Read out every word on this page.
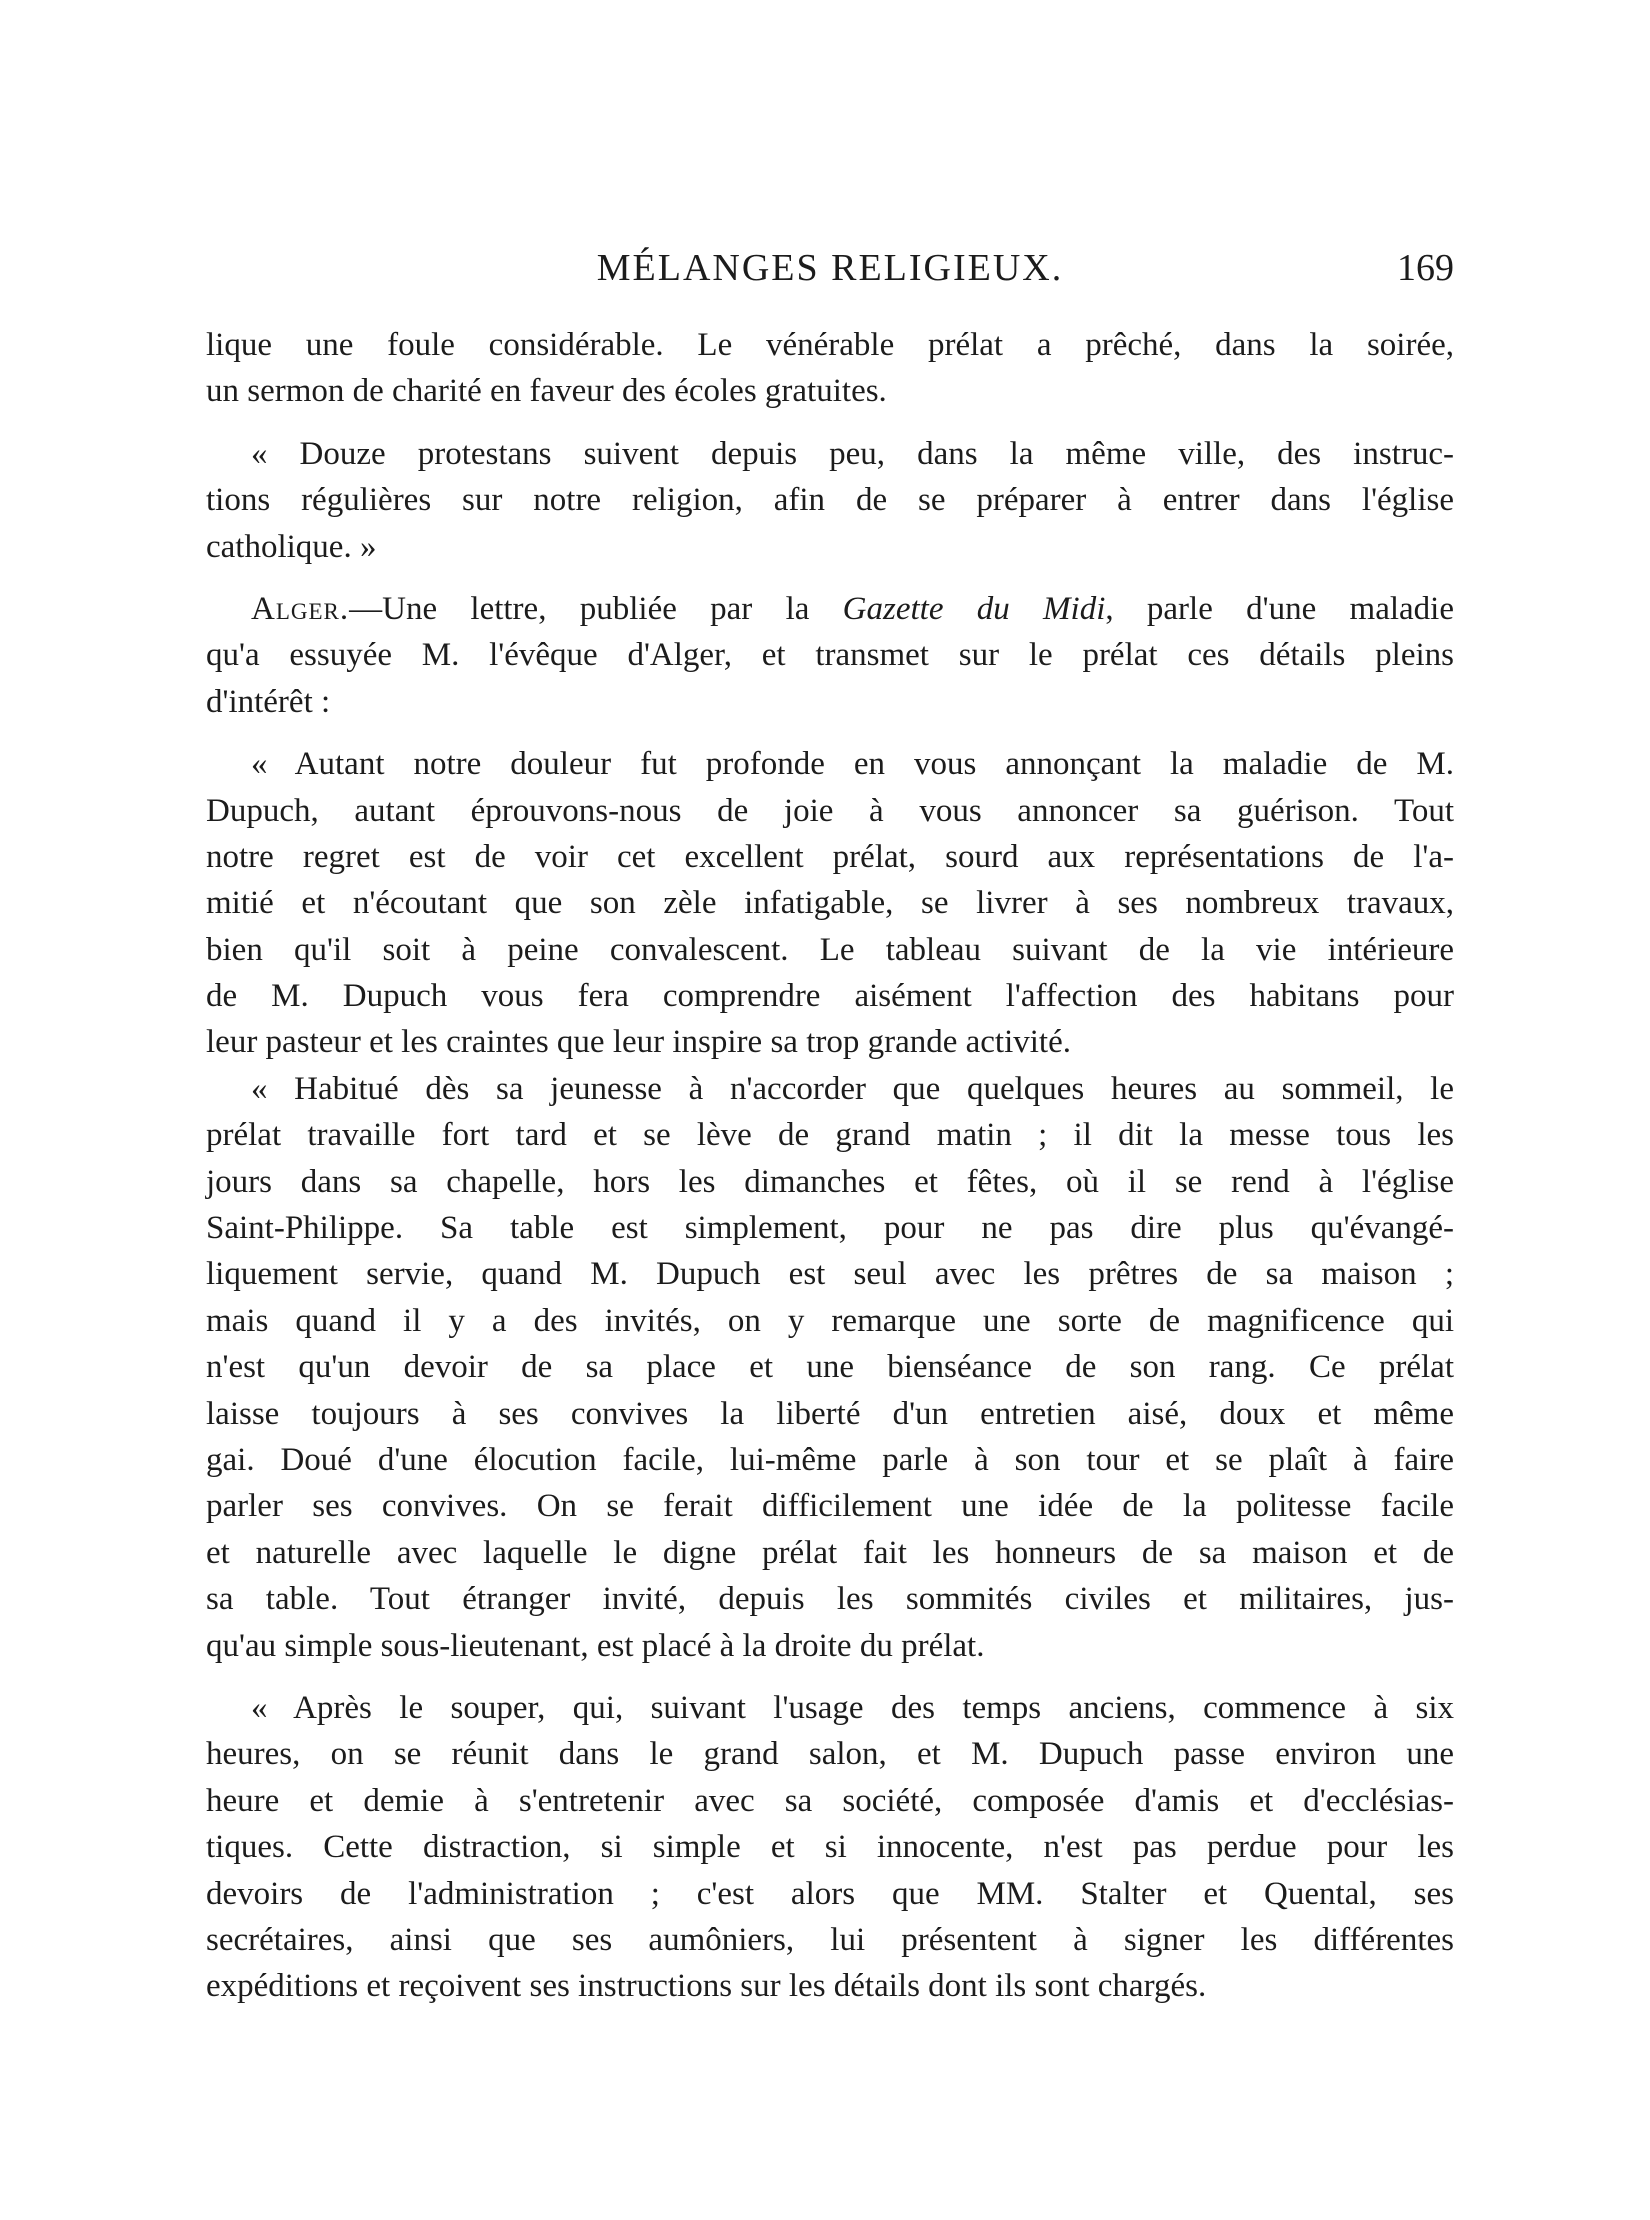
MÉLANGES RELIGIEUX.	169
lique une foule considérable. Le vénérable prélat a prêché, dans la soirée,
un sermon de charité en faveur des écoles gratuites.
« Douze protestans suivent depuis peu, dans la même ville, des instruc-
tions régulières sur notre religion, afin de se préparer à entrer dans l'église
catholique. »
Alger.—Une lettre, publiée par la Gazette du Midi, parle d'une maladie
qu'a essuyée M. l'évêque d'Alger, et transmet sur le prélat ces détails pleins
d'intérêt :
« Autant notre douleur fut profonde en vous annonçant la maladie de M.
Dupuch, autant éprouvons-nous de joie à vous annoncer sa guérison. Tout
notre regret est de voir cet excellent prélat, sourd aux représentations de l'a-
mitié et n'écoutant que son zèle infatigable, se livrer à ses nombreux travaux,
bien qu'il soit à peine convalescent. Le tableau suivant de la vie intérieure
de M. Dupuch vous fera comprendre aisément l'affection des habitans pour
leur pasteur et les craintes que leur inspire sa trop grande activité.
« Habitué dès sa jeunesse à n'accorder que quelques heures au sommeil, le
prélat travaille fort tard et se lève de grand matin ; il dit la messe tous les
jours dans sa chapelle, hors les dimanches et fêtes, où il se rend à l'église
Saint-Philippe. Sa table est simplement, pour ne pas dire plus qu'évangé-
liquement servie, quand M. Dupuch est seul avec les prêtres de sa maison ;
mais quand il y a des invités, on y remarque une sorte de magnificence qui
n'est qu'un devoir de sa place et une bienséance de son rang. Ce prélat
laisse toujours à ses convives la liberté d'un entretien aisé, doux et même
gai. Doué d'une élocution facile, lui-même parle à son tour et se plaît à faire
parler ses convives. On se ferait difficilement une idée de la politesse facile
et naturelle avec laquelle le digne prélat fait les honneurs de sa maison et de
sa table. Tout étranger invité, depuis les sommités civiles et militaires, jus-
qu'au simple sous-lieutenant, est placé à la droite du prélat.
« Après le souper, qui, suivant l'usage des temps anciens, commence à six
heures, on se réunit dans le grand salon, et M. Dupuch passe environ une
heure et demie à s'entretenir avec sa société, composée d'amis et d'ecclésias-
tiques. Cette distraction, si simple et si innocente, n'est pas perdue pour les
devoirs de l'administration ; c'est alors que MM. Stalter et Quental, ses
secrétaires, ainsi que ses aumôniers, lui présentent à signer les différentes
expéditions et reçoivent ses instructions sur les détails dont ils sont chargés.
